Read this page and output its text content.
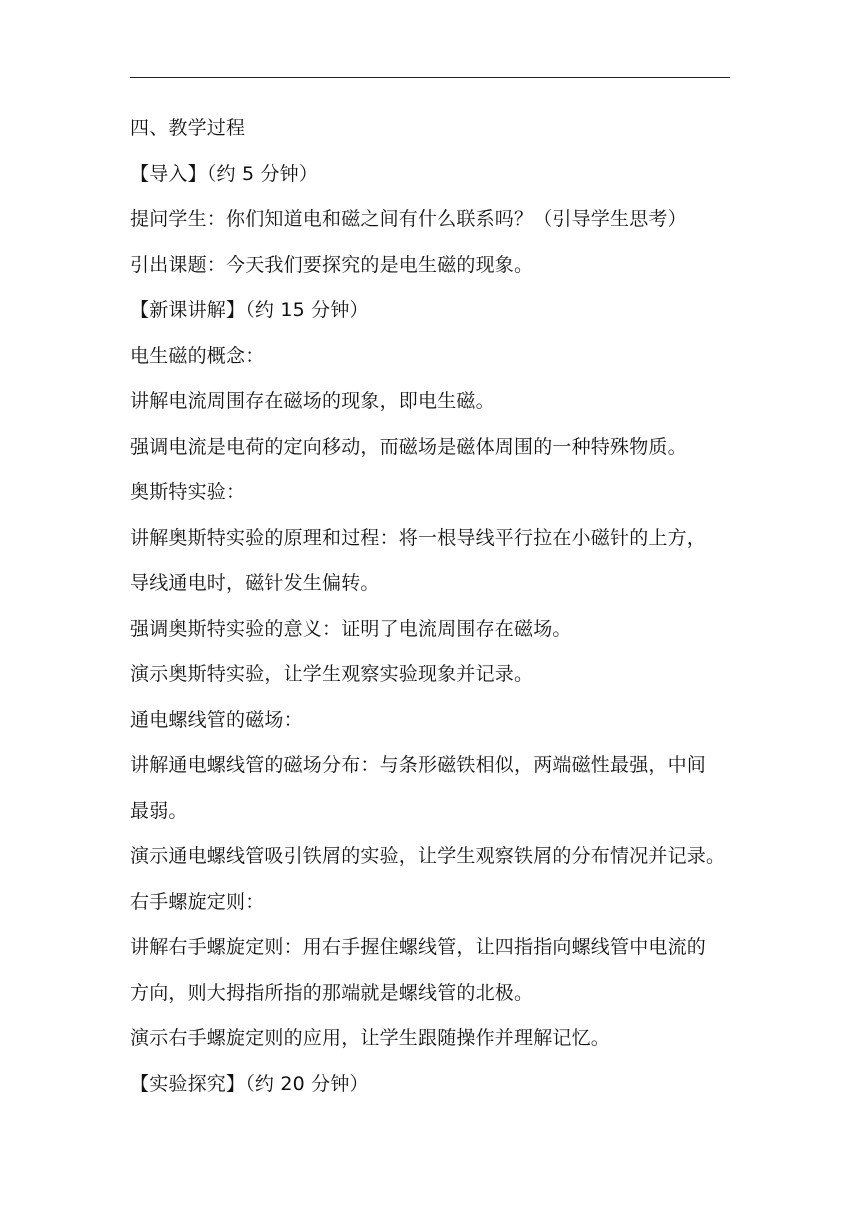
四、教学过程

【导入】（约 5 分钟）

提问学生：你们知道电和磁之间有什么联系吗？（引导学生思考）

引出课题：今天我们要探究的是电生磁的现象。

【新课讲解】（约 15 分钟）

电生磁的概念：

讲解电流周围存在磁场的现象，即电生磁。

强调电流是电荷的定向移动，而磁场是磁体周围的一种特殊物质。

奥斯特实验：

讲解奥斯特实验的原理和过程：将一根导线平行拉在小磁针的上方，

导线通电时，磁针发生偏转。

强调奥斯特实验的意义：证明了电流周围存在磁场。

演示奥斯特实验，让学生观察实验现象并记录。

通电螺线管的磁场：

讲解通电螺线管的磁场分布：与条形磁铁相似，两端磁性最强，中间

最弱。

演示通电螺线管吸引铁屑的实验，让学生观察铁屑的分布情况并记录。

右手螺旋定则：

讲解右手螺旋定则：用右手握住螺线管，让四指指向螺线管中电流的

方向，则大拇指所指的那端就是螺线管的北极。

演示右手螺旋定则的应用，让学生跟随操作并理解记忆。

【实验探究】（约 20 分钟）
